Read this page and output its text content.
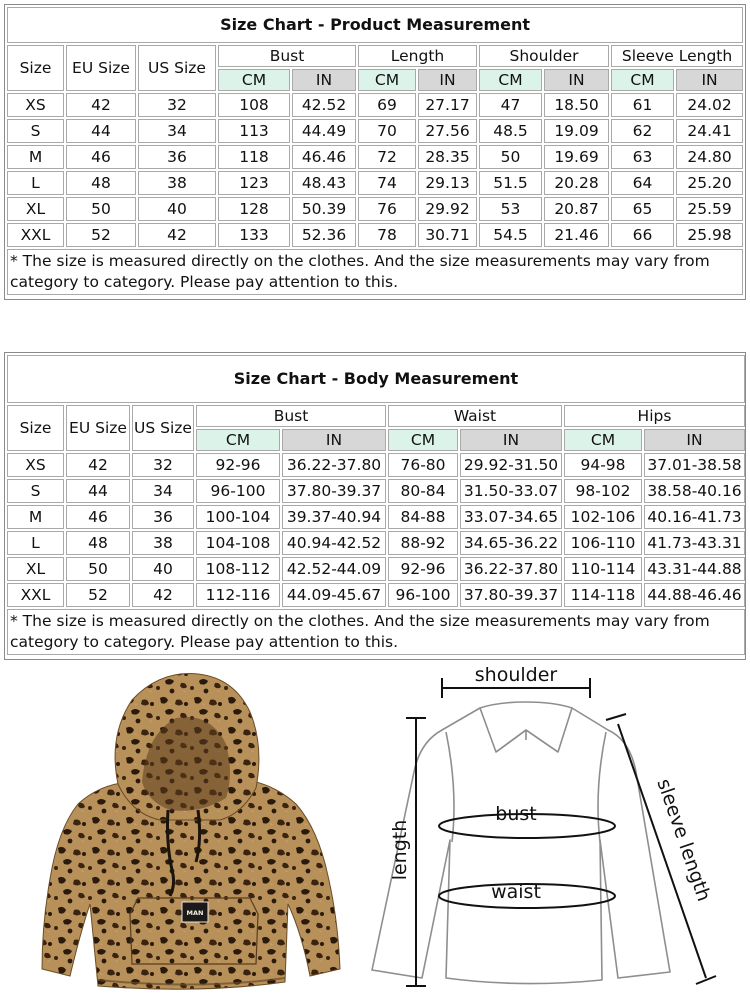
Size Chart - Product Measurement										
Size	EU Size	US Size	Bust		Length		Shoulder		Sleeve Length	
			CM	IN	CM	IN	CM	IN	CM	IN
XS	42	32	108	42.52	69	27.17	47	18.50	61	24.02
S	44	34	113	44.49	70	27.56	48.5	19.09	62	24.41
M	46	36	118	46.46	72	28.35	50	19.69	63	24.80
L	48	38	123	48.43	74	29.13	51.5	20.28	64	25.20
XL	50	40	128	50.39	76	29.92	53	20.87	65	25.59
XXL	52	42	133	52.36	78	30.71	54.5	21.46	66	25.98
* The size is measured directly on the clothes. And the size measurements may vary from category to category. Please pay attention to this.										
Size Chart - Body Measurement								
Size	EU Size	US Size	Bust		Waist		Hips	
			CM	IN	CM	IN	CM	IN
XS	42	32	92-96	36.22-37.80	76-80	29.92-31.50	94-98	37.01-38.58
S	44	34	96-100	37.80-39.37	80-84	31.50-33.07	98-102	38.58-40.16
M	46	36	100-104	39.37-40.94	84-88	33.07-34.65	102-106	40.16-41.73
L	48	38	104-108	40.94-42.52	88-92	34.65-36.22	106-110	41.73-43.31
XL	50	40	108-112	42.52-44.09	92-96	36.22-37.80	110-114	43.31-44.88
XXL	52	42	112-116	44.09-45.67	96-100	37.80-39.37	114-118	44.88-46.46
* The size is measured directly on the clothes. And the size measurements may vary from category to category. Please pay attention to this.								
MAN
shoulder
length	sleeve length
bust
waist
